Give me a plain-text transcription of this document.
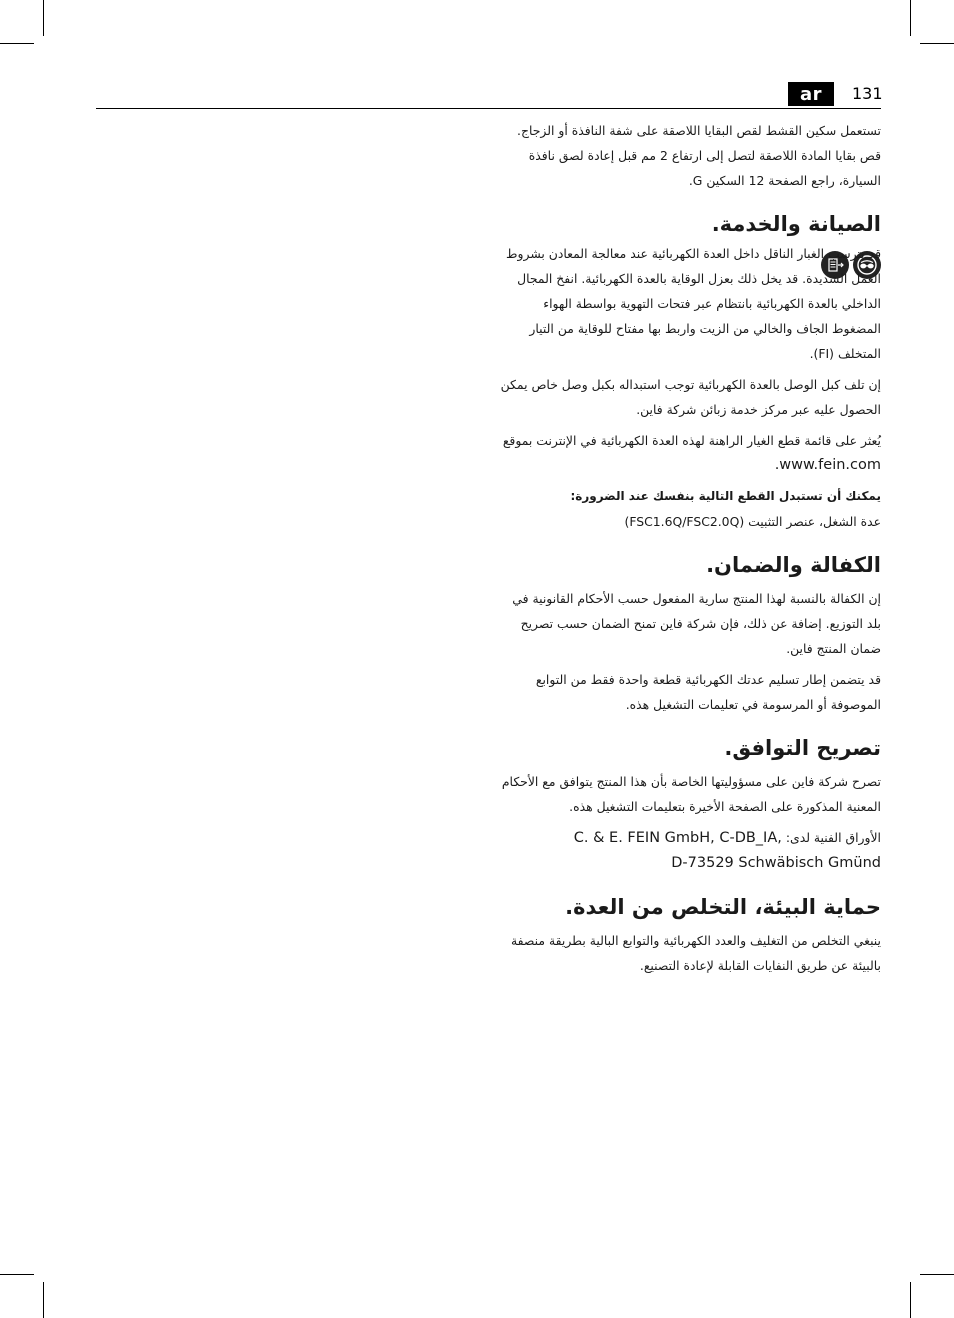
ar	131

تستعمل سكين القشط لقص البقايا اللاصقة على شفة النافذة أو الزجاج. قص بقايا المادة اللاصقة لتصل إلى ارتفاع 2 مم قبل إعادة لصق نافذة السيارة، راجع الصفحة 12 السكين G.

الصيانة والخدمة.

قد يترسب الغبار الناقل داخل العدة الكهربائية عند معالجة المعادن بشروط العمل الشديدة. قد يخل ذلك بعزل الوقاية بالعدة الكهربائية. انفخ المجال الداخلي بالعدة الكهربائية بانتظام عبر فتحات التهوية بواسطة الهواء المضغوط الجاف والخالي من الزيت واربط بها مفتاح للوقاية من التيار المتخلف (FI).

إن تلف كبل الوصل بالعدة الكهربائية توجب استبداله بكبل وصل خاص يمكن الحصول عليه عبر مركز خدمة زبائن شركة فاين.

يُعثر على قائمة قطع الغيار الراهنة لهذه العدة الكهربائية في الإنترنت بموقع

.www.fein.com

يمكنك أن تستبدل القطع التالية بنفسك عند الضرورة:

عدة الشغل، عنصر التثبيت (FSC1.6Q/FSC2.0Q)

الكفالة والضمان.

إن الكفالة بالنسبة لهذا المنتج سارية المفعول حسب الأحكام القانونية في بلد التوزيع. إضافة عن ذلك، فإن شركة فاين تمنح الضمان حسب تصريح ضمان المنتج فاين.

قد يتضمن إطار تسليم عدتك الكهربائية قطعة واحدة فقط من التوابع الموصوفة أو المرسومة في تعليمات التشغيل هذه.

تصريح التوافق.

تصرح شركة فاين على مسؤوليتها الخاصة بأن هذا المنتج يتوافق مع الأحكام المعنية المذكورة على الصفحة الأخيرة بتعليمات التشغيل هذه.

الأوراق الفنية لدى: C. & E. FEIN GmbH, C-DB_IA,

D-73529 Schwäbisch Gmünd

حماية البيئة، التخلص من العدة.

ينبغي التخلص من التغليف والعدد الكهربائية والتوابع البالية بطريقة منصفة بالبيئة عن طريق النفايات القابلة لإعادة التصنيع.
